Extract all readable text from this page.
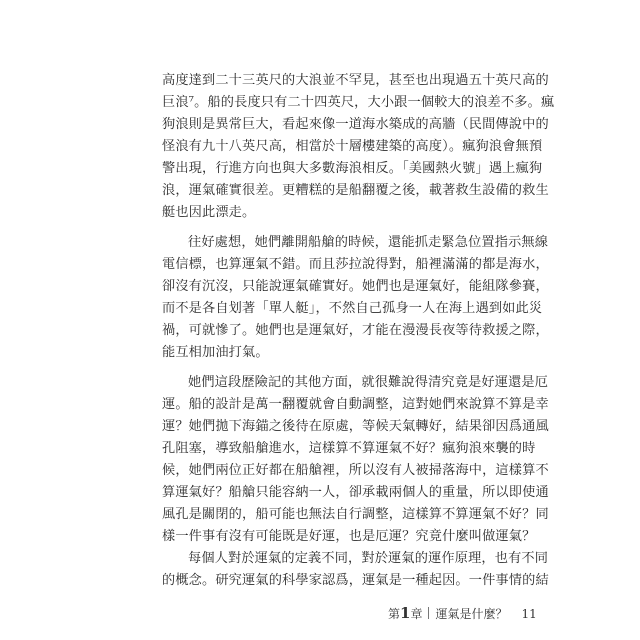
高度達到二十三英尺的大浪並不罕見，甚至也出現過五十英尺高的
巨浪⁷。船的長度只有二十四英尺，大小跟一個較大的浪差不多。瘋
狗浪則是異常巨大，看起來像一道海水築成的高牆（民間傳說中的
怪浪有九十八英尺高，相當於十層樓建築的高度）。瘋狗浪會無預
警出現，行進方向也與大多數海浪相反。「美國熱火號」遇上瘋狗
浪，運氣確實很差。更糟糕的是船翻覆之後，載著救生設備的救生
艇也因此漂走。
往好處想，她們離開船艙的時候，還能抓走緊急位置指示無線
電信標，也算運氣不錯。而且莎拉說得對，船裡滿滿的都是海水，
卻沒有沉沒，只能說運氣確實好。她們也是運氣好，能組隊參賽，
而不是各自划著「單人艇」，不然自己孤身一人在海上遇到如此災
禍，可就慘了。她們也是運氣好，才能在漫漫長夜等待救援之際，
能互相加油打氣。
她們這段歷險記的其他方面，就很難說得清究竟是好運還是厄
運。船的設計是萬一翻覆就會自動調整，這對她們來說算不算是幸
運？她們拋下海錨之後待在原處，等候天氣轉好，結果卻因爲通風
孔阻塞，導致船艙進水，這樣算不算運氣不好？瘋狗浪來襲的時
候，她們兩位正好都在船艙裡，所以沒有人被掃落海中，這樣算不
算運氣好？船艙只能容納一人，卻承載兩個人的重量，所以即使通
風孔是關閉的，船可能也無法自行調整，這樣算不算運氣不好？同
樣一件事有沒有可能既是好運，也是厄運？究竟什麼叫做運氣？
每個人對於運氣的定義不同，對於運氣的運作原理，也有不同
的概念。研究運氣的科學家認爲，運氣是一種起因。一件事情的結
第1章 運氣是什麼？ 11
